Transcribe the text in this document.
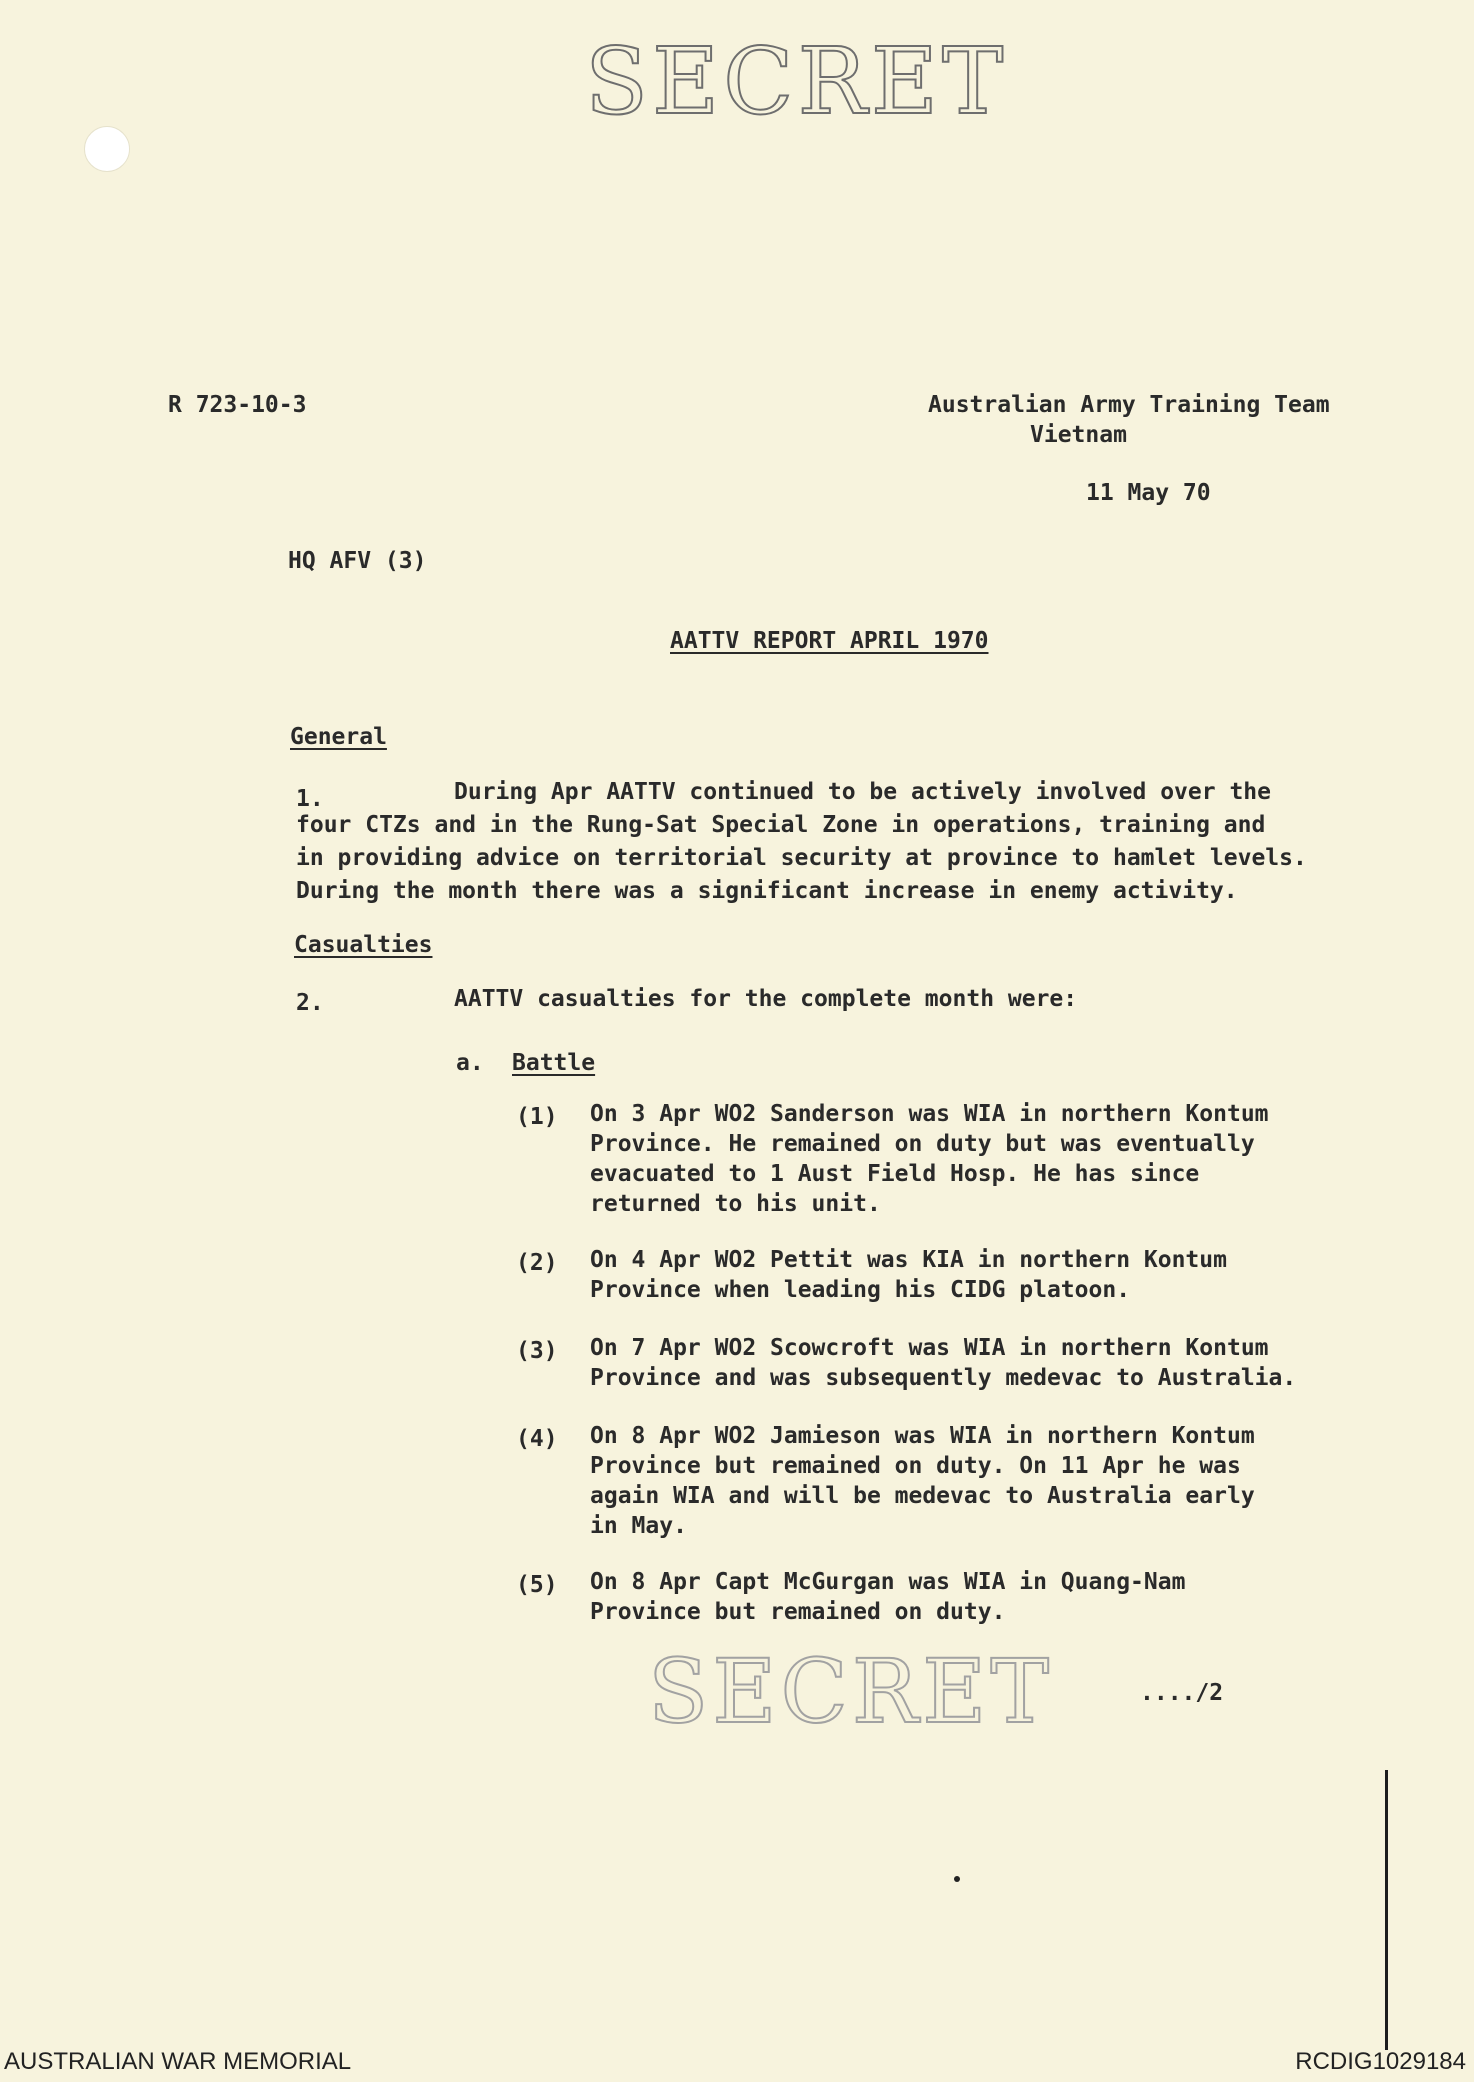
SECRET
R 723-10-3	Australian Army Training Team
Vietnam
11 May 70
HQ AFV (3)
AATTV REPORT APRIL 1970
General
1.	During Apr AATTV continued to be actively involved over the
four CTZs and in the Rung-Sat Special Zone in operations, training and
in providing advice on territorial security at province to hamlet levels.
During the month there was a significant increase in enemy activity.
Casualties
2.	AATTV casualties for the complete month were:
a. Battle
(1) On 3 Apr WO2 Sanderson was WIA in northern Kontum
Province. He remained on duty but was eventually
evacuated to 1 Aust Field Hosp. He has since
returned to his unit.
(2) On 4 Apr WO2 Pettit was KIA in northern Kontum
Province when leading his CIDG platoon.
(3) On 7 Apr WO2 Scowcroft was WIA in northern Kontum
Province and was subsequently medevac to Australia.
(4) On 8 Apr WO2 Jamieson was WIA in northern Kontum
Province but remained on duty. On 11 Apr he was
again WIA and will be medevac to Australia early
in May.
(5) On 8 Apr Capt McGurgan was WIA in Quang-Nam
Province but remained on duty.
SECRET	..../2
AUSTRALIAN WAR MEMORIAL	RCDIG1029184
